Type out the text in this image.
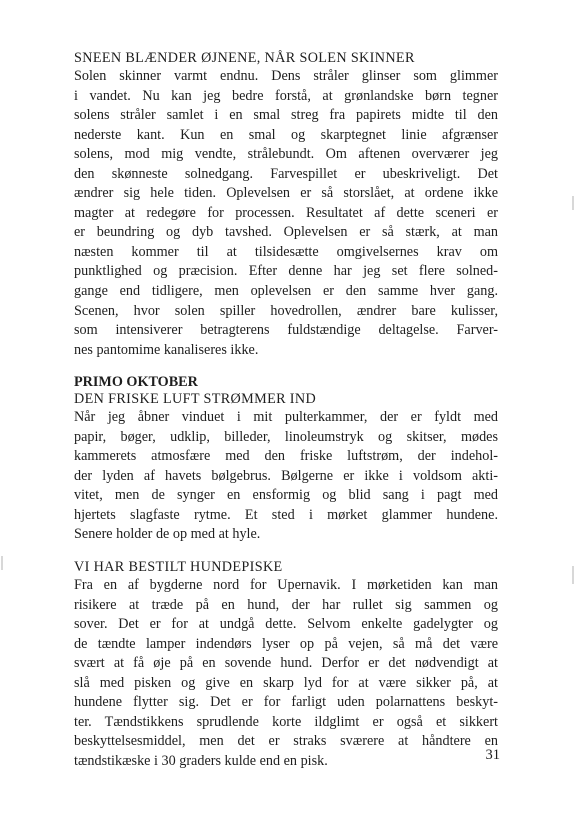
SNEEN BLÆNDER ØJNENE, NÅR SOLEN SKINNER

Solen skinner varmt endnu. Dens stråler glinser som glimmer
i vandet. Nu kan jeg bedre forstå, at grønlandske børn tegner
solens stråler samlet i en smal streg fra papirets midte til den
nederste kant. Kun en smal og skarptegnet linie afgrænser
solens, mod mig vendte, strålebundt. Om aftenen overværer jeg
den skønneste solnedgang. Farvespillet er ubeskriveligt. Det
ændrer sig hele tiden. Oplevelsen er så storslået, at ordene ikke
magter at redegøre for processen. Resultatet af dette sceneri er
er beundring og dyb tavshed. Oplevelsen er så stærk, at man
næsten kommer til at tilsidesætte omgivelsernes krav om
punktlighed og præcision. Efter denne har jeg set flere solned-
gange end tidligere, men oplevelsen er den samme hver gang.
Scenen, hvor solen spiller hovedrollen, ændrer bare kulisser,
som intensiverer betragterens fuldstændige deltagelse. Farver-
nes pantomime kanaliseres ikke.

PRIMO OKTOBER

DEN FRISKE LUFT STRØMMER IND

Når jeg åbner vinduet i mit pulterkammer, der er fyldt med
papir, bøger, udklip, billeder, linoleumstryk og skitser, mødes
kammerets atmosfære med den friske luftstrøm, der indehol-
der lyden af havets bølgebrus. Bølgerne er ikke i voldsom akti-
vitet, men de synger en ensformig og blid sang i pagt med
hjertets slagfaste rytme. Et sted i mørket glammer hundene.
Senere holder de op med at hyle.

VI HAR BESTILT HUNDEPISKE

Fra en af bygderne nord for Upernavik. I mørketiden kan man
risikere at træde på en hund, der har rullet sig sammen og
sover. Det er for at undgå dette. Selvom enkelte gadelygter og
de tændte lamper indendørs lyser op på vejen, så må det være
svært at få øje på en sovende hund. Derfor er det nødvendigt at
slå med pisken og give en skarp lyd for at være sikker på, at
hundene flytter sig. Det er for farligt uden polarnattens beskyt-
ter. Tændstikkens sprudlende korte ildglimt er også et sikkert
beskyttelsesmiddel, men det er straks sværere at håndtere en
tændstikæske i 30 graders kulde end en pisk.	31
